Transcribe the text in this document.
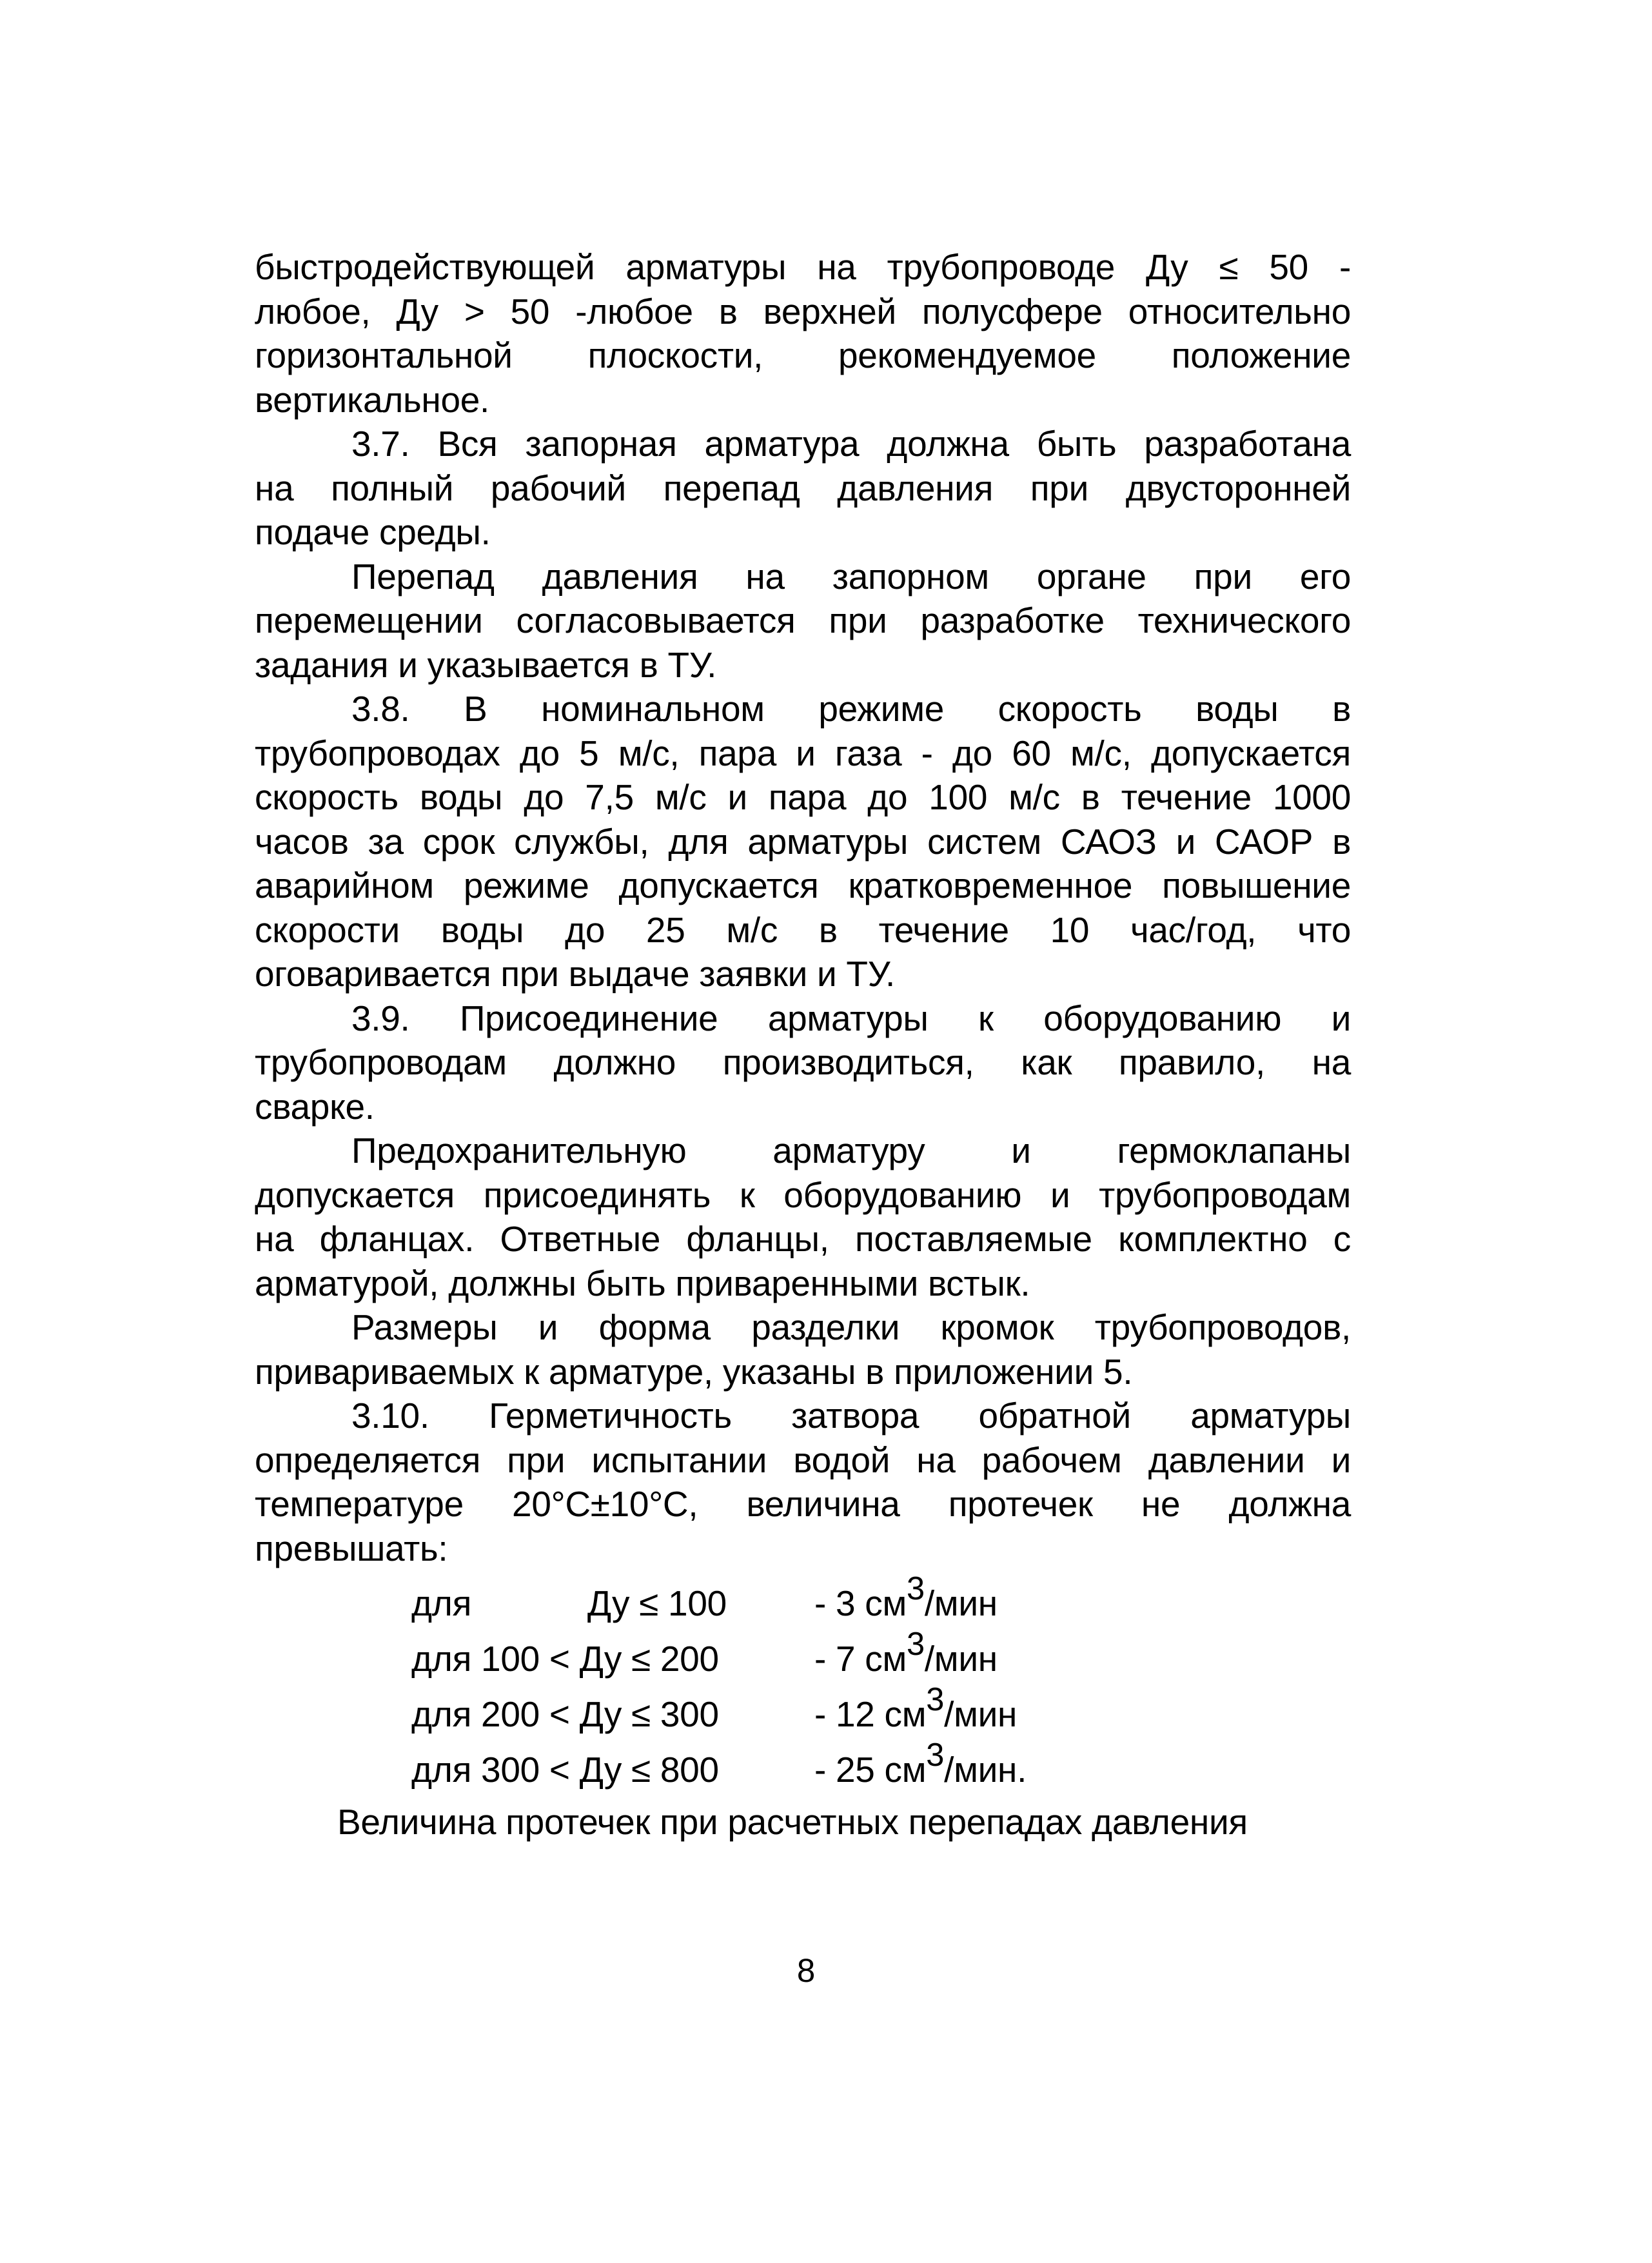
быстродействующей арматуры на трубопроводе Ду ≤ 50 -
любое, Ду > 50 -любое в верхней полусфере относительно
горизонтальной плоскости, рекомендуемое положение
вертикальное.

3.7. Вся запорная арматура должна быть разработана
на полный рабочий перепад давления при двусторонней
подаче среды.

Перепад давления на запорном органе при его
перемещении согласовывается при разработке технического
задания и указывается в ТУ.

3.8. В номинальном режиме скорость воды в
трубопроводах до 5 м/с, пара и газа - до 60 м/с, допускается
скорость воды до 7,5 м/с и пара до 100 м/с в течение 1000
часов за срок службы, для арматуры систем САОЗ и САОР в
аварийном режиме допускается кратковременное повышение
скорости воды до 25 м/с в течение 10 час/год, что
оговаривается при выдаче заявки и ТУ.

3.9. Присоединение арматуры к оборудованию и
трубопроводам должно производиться, как правило, на
сварке.

Предохранительную арматуру и гермоклапаны
допускается присоединять к оборудованию и трубопроводам
на фланцах. Ответные фланцы, поставляемые комплектно с
арматурой, должны быть приваренными встык.

Размеры и форма разделки кромок трубопроводов,
привариваемых к арматуре, указаны в приложении 5.

3.10. Герметичность затвора обратной арматуры
определяется при испытании водой на рабочем давлении и
температуре 20°С±10°С, величина протечек не должна
превышать:

для            Ду ≤ 100	- 3 $см^3$/мин
для 100 < Ду ≤ 200	- 7 $см^3$/мин
для 200 < Ду ≤ 300	- 12 $см^3$/мин
для 300 < Ду ≤ 800	- 25 $см^3$/мин.

Величина протечек при расчетных перепадах давления

8
